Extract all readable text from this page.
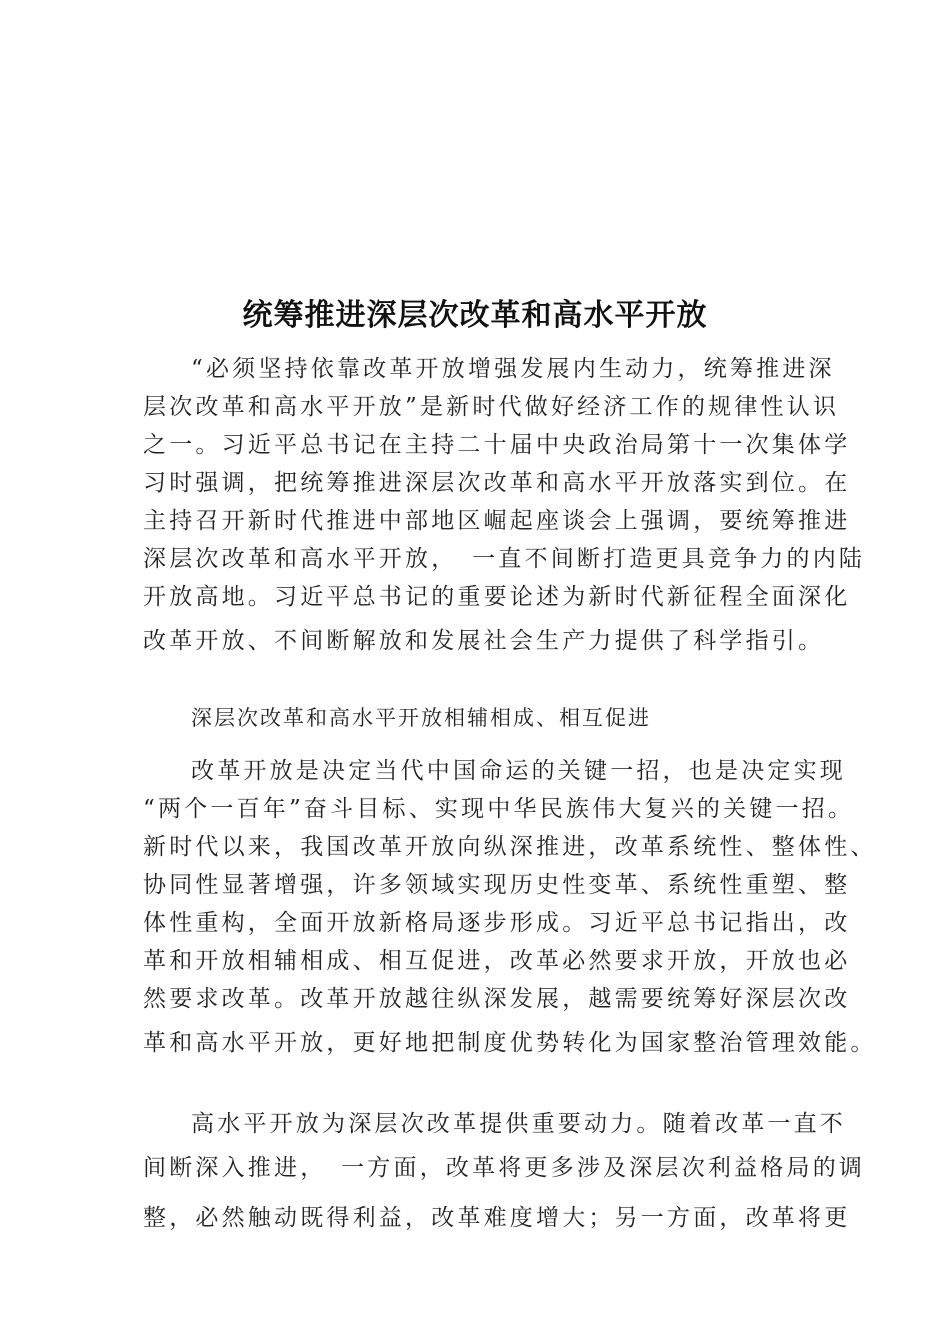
统筹推进深层次改革和高水平开放
“必须坚持依靠改革开放增强发展内生动力，统筹推进深
层次改革和高水平开放”是新时代做好经济工作的规律性认识
之一。习近平总书记在主持二十届中央政治局第十一次集体学
习时强调，把统筹推进深层次改革和高水平开放落实到位。在
主持召开新时代推进中部地区崛起座谈会上强调，要统筹推进
深层次改革和高水平开放，　一直不间断打造更具竞争力的内陆
开放高地。习近平总书记的重要论述为新时代新征程全面深化
改革开放、不间断解放和发展社会生产力提供了科学指引。
深层次改革和高水平开放相辅相成、相互促进
改革开放是决定当代中国命运的关键一招，也是决定实现
“两个一百年”奋斗目标、实现中华民族伟大复兴的关键一招。
新时代以来，我国改革开放向纵深推进，改革系统性、整体性、
协同性显著增强，许多领域实现历史性变革、系统性重塑、整
体性重构，全面开放新格局逐步形成。习近平总书记指出，改
革和开放相辅相成、相互促进，改革必然要求开放，开放也必
然要求改革。改革开放越往纵深发展，越需要统筹好深层次改
革和高水平开放，更好地把制度优势转化为国家整治管理效能。
高水平开放为深层次改革提供重要动力。随着改革一直不
间断深入推进，　一方面，改革将更多涉及深层次利益格局的调
整，必然触动既得利益，改革难度增大；另一方面，改革将更
